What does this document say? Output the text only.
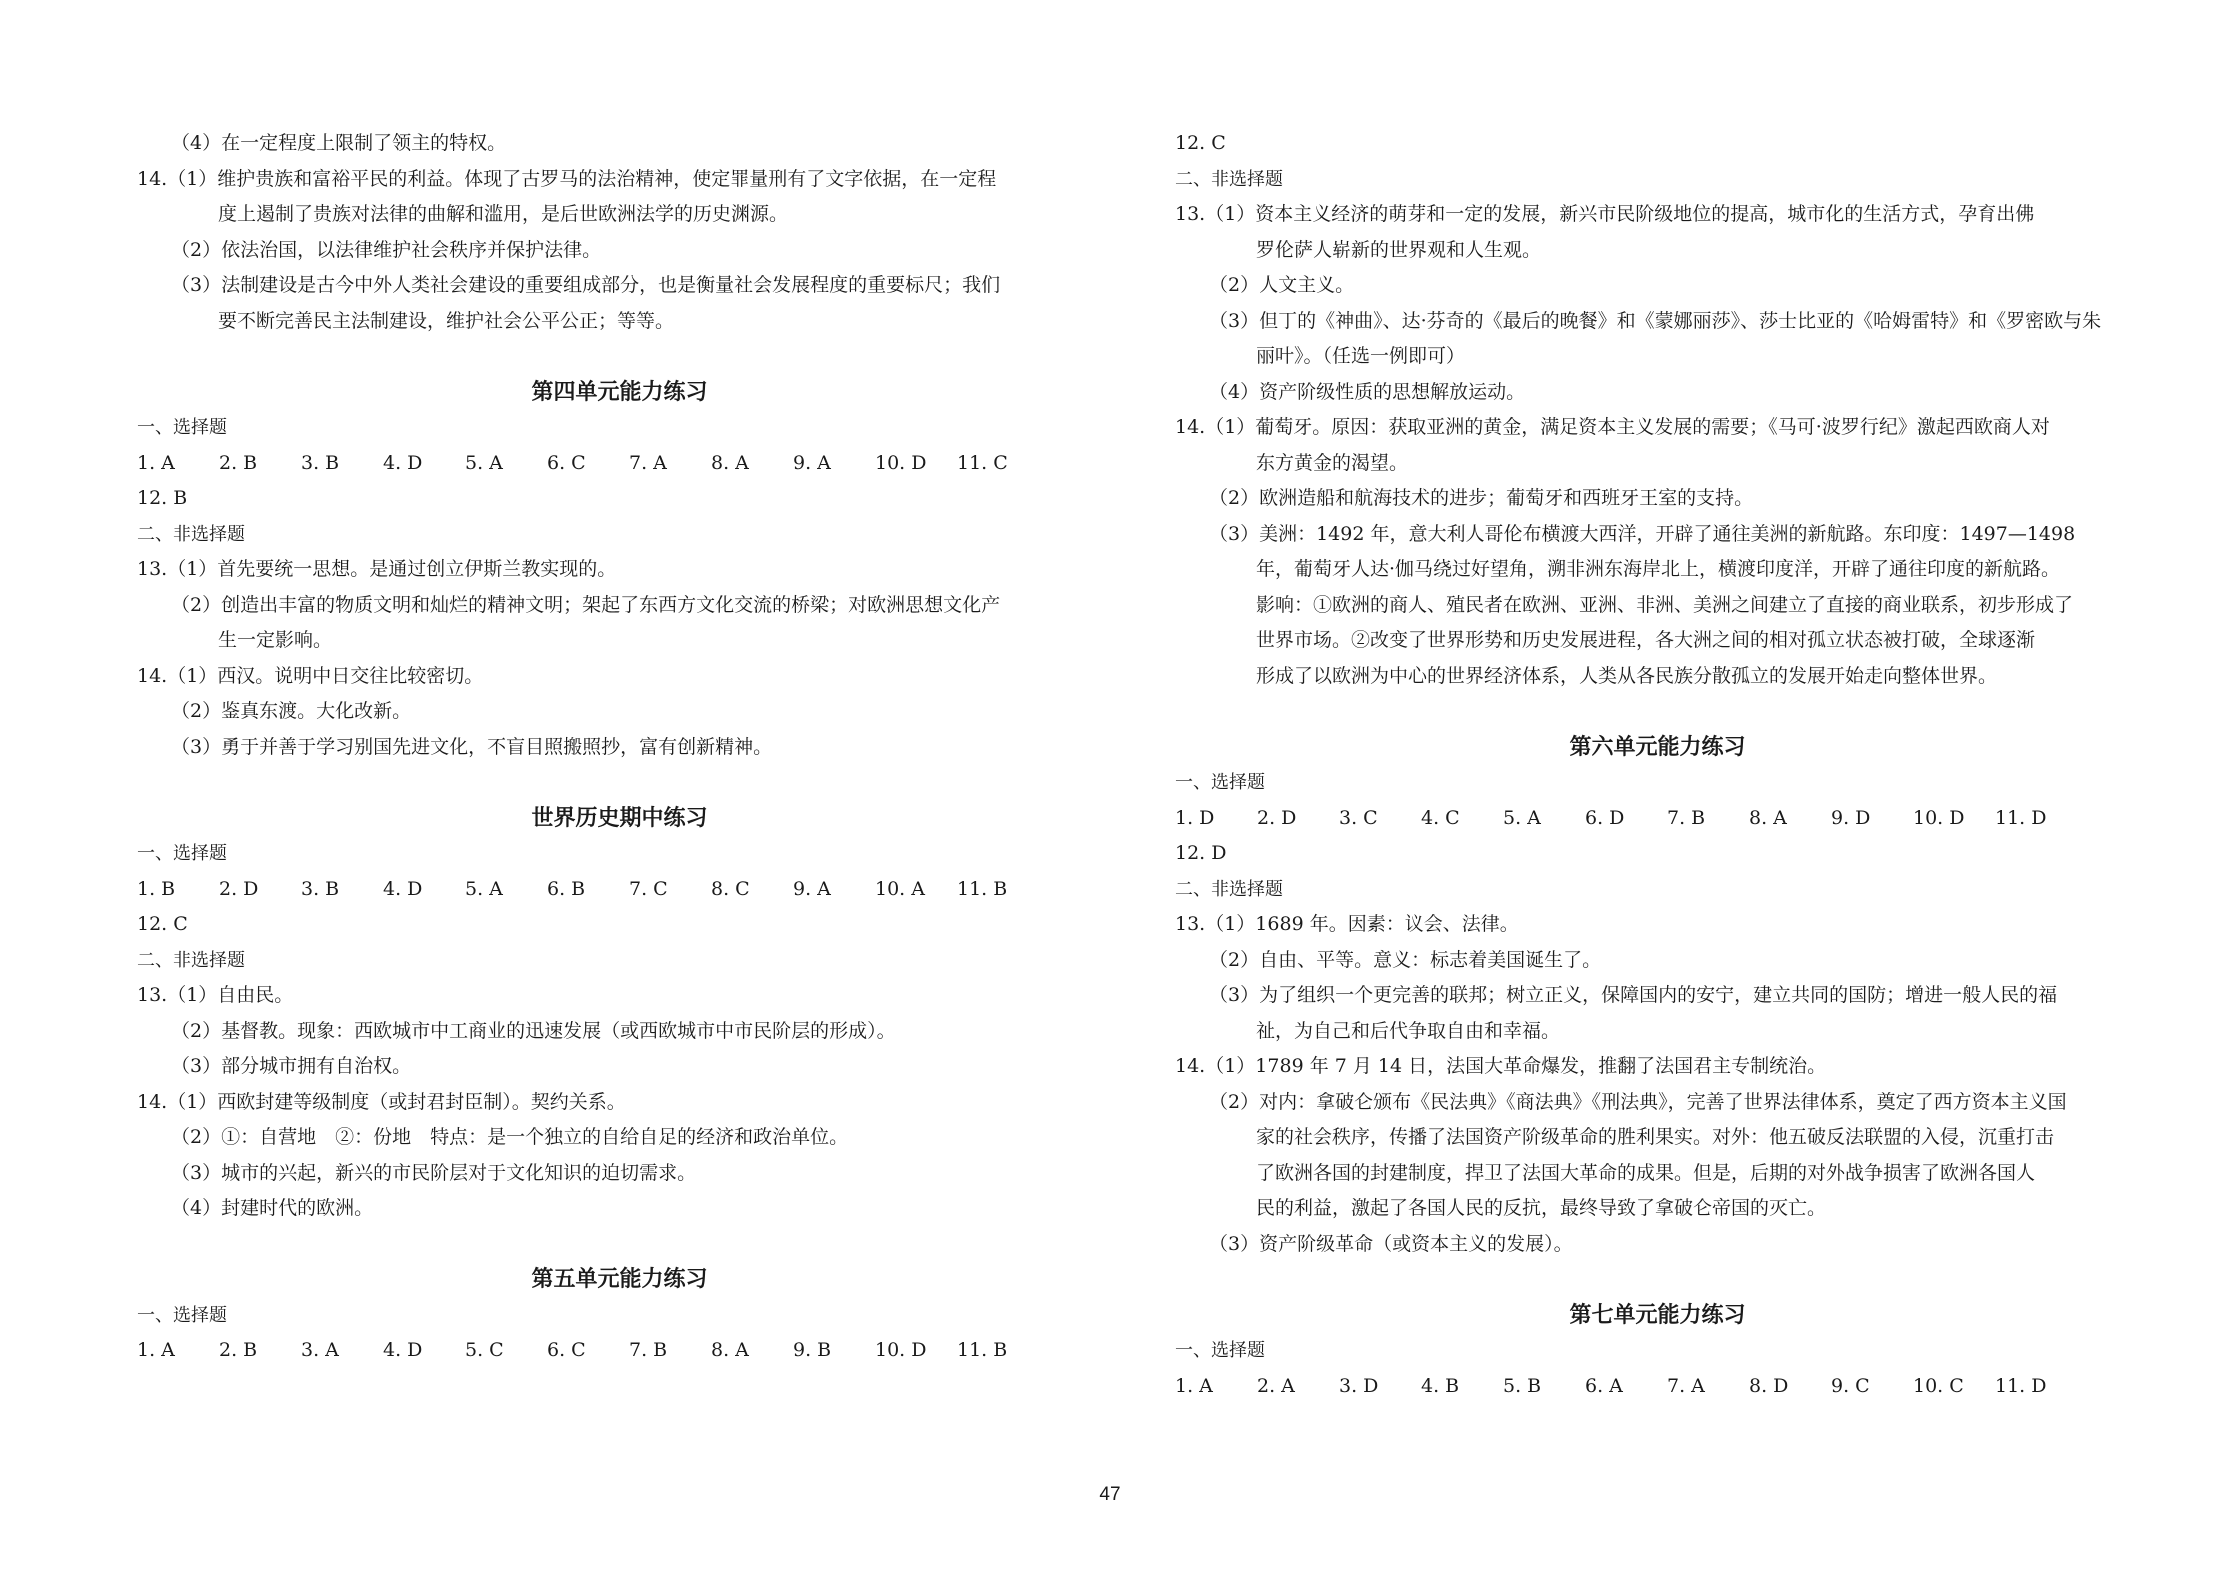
（4）在一定程度上限制了领主的特权。
14.（1）维护贵族和富裕平民的利益。体现了古罗马的法治精神，使定罪量刑有了文字依据，在一定程
度上遏制了贵族对法律的曲解和滥用，是后世欧洲法学的历史渊源。
（2）依法治国，以法律维护社会秩序并保护法律。
（3）法制建设是古今中外人类社会建设的重要组成部分，也是衡量社会发展程度的重要标尺；我们
要不断完善民主法制建设，维护社会公平公正；等等。
第四单元能力练习
一、选择题
1. A	2. B	3. B	4. D	5. A	6. C	7. A	8. A	9. A	10. D	11. C
12. B
二、非选择题
13.（1）首先要统一思想。是通过创立伊斯兰教实现的。
（2）创造出丰富的物质文明和灿烂的精神文明；架起了东西方文化交流的桥梁；对欧洲思想文化产
生一定影响。
14.（1）西汉。说明中日交往比较密切。
（2）鉴真东渡。大化改新。
（3）勇于并善于学习别国先进文化，不盲目照搬照抄，富有创新精神。
世界历史期中练习
一、选择题
1. B	2. D	3. B	4. D	5. A	6. B	7. C	8. C	9. A	10. A	11. B
12. C
二、非选择题
13.（1）自由民。
（2）基督教。现象：西欧城市中工商业的迅速发展（或西欧城市中市民阶层的形成）。
（3）部分城市拥有自治权。
14.（1）西欧封建等级制度（或封君封臣制）。契约关系。
（2）①：自营地　②：份地　特点：是一个独立的自给自足的经济和政治单位。
（3）城市的兴起，新兴的市民阶层对于文化知识的迫切需求。
（4）封建时代的欧洲。
第五单元能力练习
一、选择题
1. A	2. B	3. A	4. D	5. C	6. C	7. B	8. A	9. B	10. D	11. B
12. C
二、非选择题
13.（1）资本主义经济的萌芽和一定的发展，新兴市民阶级地位的提高，城市化的生活方式，孕育出佛
罗伦萨人崭新的世界观和人生观。
（2）人文主义。
（3）但丁的《神曲》、达·芬奇的《最后的晚餐》和《蒙娜丽莎》、莎士比亚的《哈姆雷特》和《罗密欧与朱
丽叶》。（任选一例即可）
（4）资产阶级性质的思想解放运动。
14.（1）葡萄牙。原因：获取亚洲的黄金，满足资本主义发展的需要；《马可·波罗行纪》激起西欧商人对
东方黄金的渴望。
（2）欧洲造船和航海技术的进步；葡萄牙和西班牙王室的支持。
（3）美洲：1492 年，意大利人哥伦布横渡大西洋，开辟了通往美洲的新航路。东印度：1497—1498
年，葡萄牙人达·伽马绕过好望角，溯非洲东海岸北上，横渡印度洋，开辟了通往印度的新航路。
影响：①欧洲的商人、殖民者在欧洲、亚洲、非洲、美洲之间建立了直接的商业联系，初步形成了
世界市场。②改变了世界形势和历史发展进程，各大洲之间的相对孤立状态被打破，全球逐渐
形成了以欧洲为中心的世界经济体系，人类从各民族分散孤立的发展开始走向整体世界。
第六单元能力练习
一、选择题
1. D	2. D	3. C	4. C	5. A	6. D	7. B	8. A	9. D	10. D	11. D
12. D
二、非选择题
13.（1）1689 年。因素：议会、法律。
（2）自由、平等。意义：标志着美国诞生了。
（3）为了组织一个更完善的联邦；树立正义，保障国内的安宁，建立共同的国防；增进一般人民的福
祉，为自己和后代争取自由和幸福。
14.（1）1789 年 7 月 14 日，法国大革命爆发，推翻了法国君主专制统治。
（2）对内：拿破仑颁布《民法典》《商法典》《刑法典》，完善了世界法律体系，奠定了西方资本主义国
家的社会秩序，传播了法国资产阶级革命的胜利果实。对外：他五破反法联盟的入侵，沉重打击
了欧洲各国的封建制度，捍卫了法国大革命的成果。但是，后期的对外战争损害了欧洲各国人
民的利益，激起了各国人民的反抗，最终导致了拿破仑帝国的灭亡。
（3）资产阶级革命（或资本主义的发展）。
第七单元能力练习
一、选择题
1. A	2. A	3. D	4. B	5. B	6. A	7. A	8. D	9. C	10. C	11. D
47
